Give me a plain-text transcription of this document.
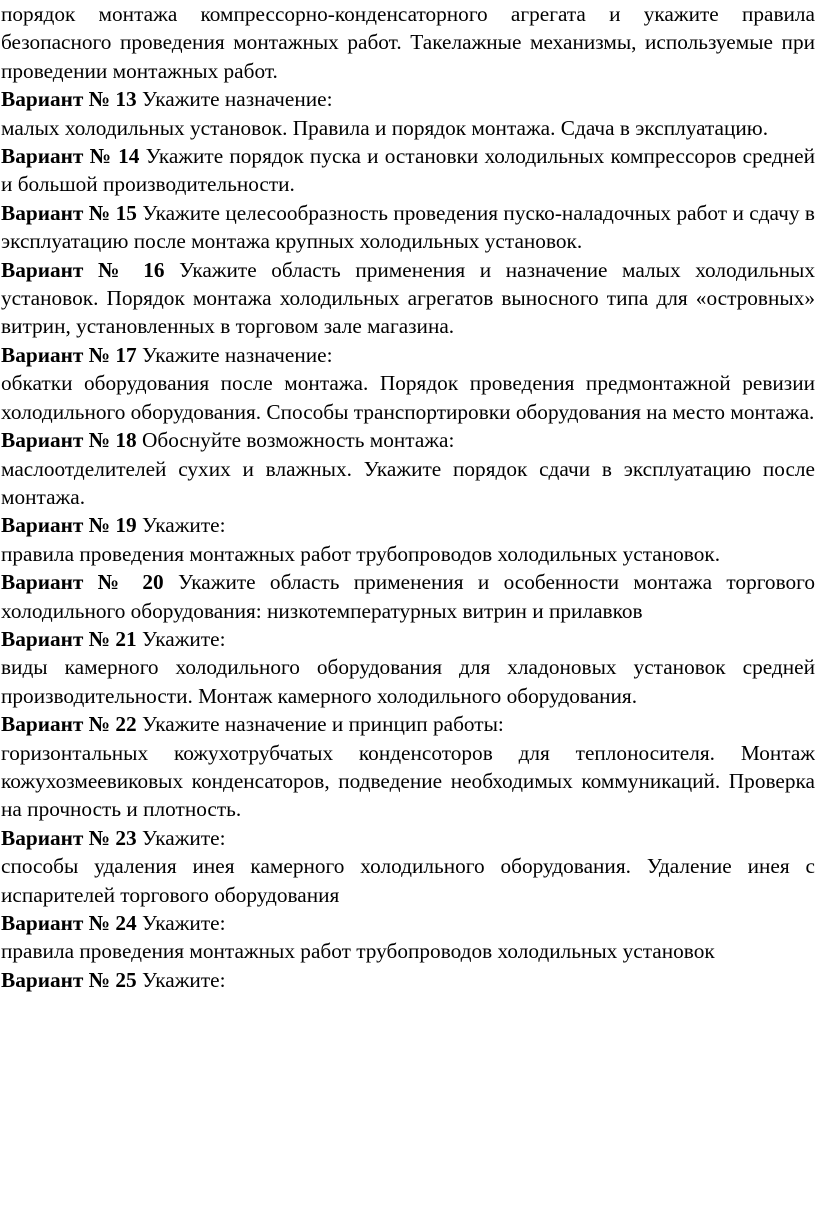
порядок монтажа компрессорно-конденсаторного агрегата и укажите правила безопасного проведения монтажных работ. Такелажные механизмы, используемые при проведении монтажных работ.

Вариант № 13 Укажите назначение:

малых холодильных установок. Правила и порядок монтажа. Сдача в эксплуатацию.

Вариант № 14 Укажите порядок пуска и остановки холодильных компрессоров средней и большой производительности.

Вариант № 15 Укажите целесообразность проведения пуско-наладочных работ и сдачу в эксплуатацию после монтажа крупных холодильных установок.

Вариант № 16 Укажите область применения и назначение малых холодильных установок. Порядок монтажа холодильных агрегатов выносного типа для «островных» витрин, установленных в торговом зале магазина.

Вариант № 17 Укажите назначение:

обкатки оборудования после монтажа. Порядок проведения предмонтажной ревизии холодильного оборудования. Способы транспортировки оборудования на место монтажа.

Вариант № 18 Обоснуйте возможность монтажа:

маслоотделителей сухих и влажных. Укажите порядок сдачи в эксплуатацию после монтажа.

Вариант № 19 Укажите:

правила проведения монтажных работ трубопроводов холодильных установок.

Вариант № 20 Укажите область применения и особенности монтажа торгового холодильного оборудования: низкотемпературных витрин и прилавков

Вариант № 21 Укажите:

виды камерного холодильного оборудования для хладоновых установок средней производительности. Монтаж камерного холодильного оборудования.

Вариант № 22 Укажите назначение и принцип работы:

горизонтальных кожухотрубчатых конденсоторов для теплоносителя. Монтаж кожухозмеевиковых конденсаторов, подведение необходимых коммуникаций. Проверка на прочность и плотность.

Вариант № 23 Укажите:

способы удаления инея камерного холодильного оборудования. Удаление инея с испарителей торгового оборудования

Вариант № 24 Укажите:

правила проведения монтажных работ трубопроводов холодильных установок

Вариант № 25 Укажите:
